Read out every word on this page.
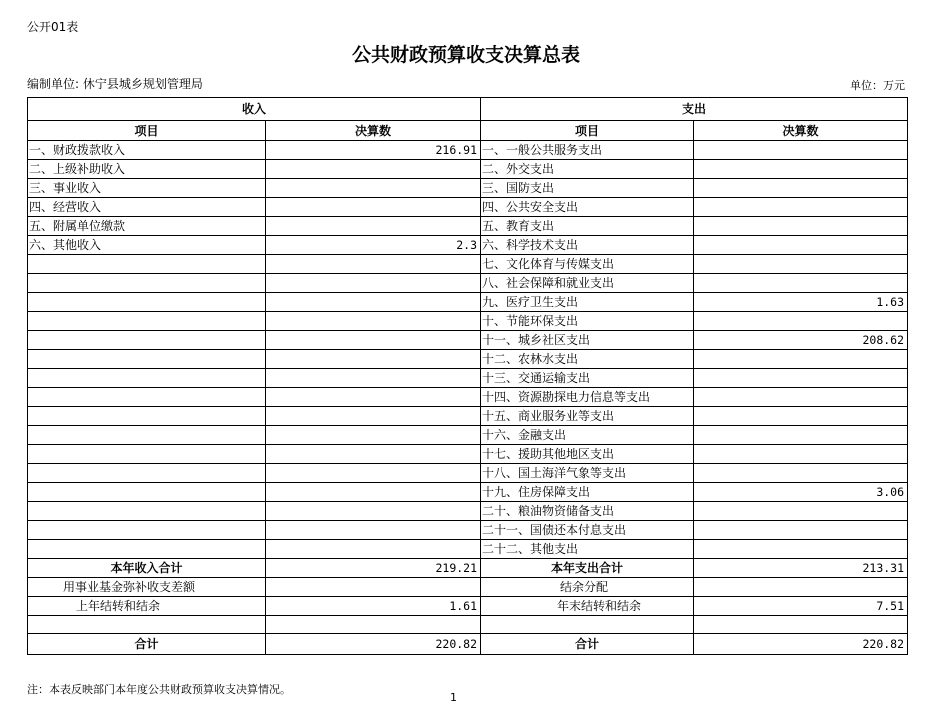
公开01表
公共财政预算收支决算总表
编制单位: 休宁县城乡规划管理局	单位：万元
收入		支出	
项目	决算数	项目	决算数
一、财政拨款收入	216.91	一、一般公共服务支出	
二、上级补助收入		二、外交支出	
三、事业收入		三、国防支出	
四、经营收入		四、公共安全支出	
五、附属单位缴款		五、教育支出	
六、其他收入	2.3	六、科学技术支出	
		七、文化体育与传媒支出	
		八、社会保障和就业支出	
		九、医疗卫生支出	1.63
		十、节能环保支出	
		十一、城乡社区支出	208.62
		十二、农林水支出	
		十三、交通运输支出	
		十四、资源勘探电力信息等支出	
		十五、商业服务业等支出	
		十六、金融支出	
		十七、援助其他地区支出	
		十八、国土海洋气象等支出	
		十九、住房保障支出	3.06
		二十、粮油物资储备支出	
		二十一、国债还本付息支出	
		二十二、其他支出	
本年收入合计	219.21	本年支出合计	213.31
用事业基金弥补收支差额		结余分配	
上年结转和结余	1.61	年末结转和结余	7.51

合计	220.82	合计	220.82
注：本表反映部门本年度公共财政预算收支决算情况。
1
